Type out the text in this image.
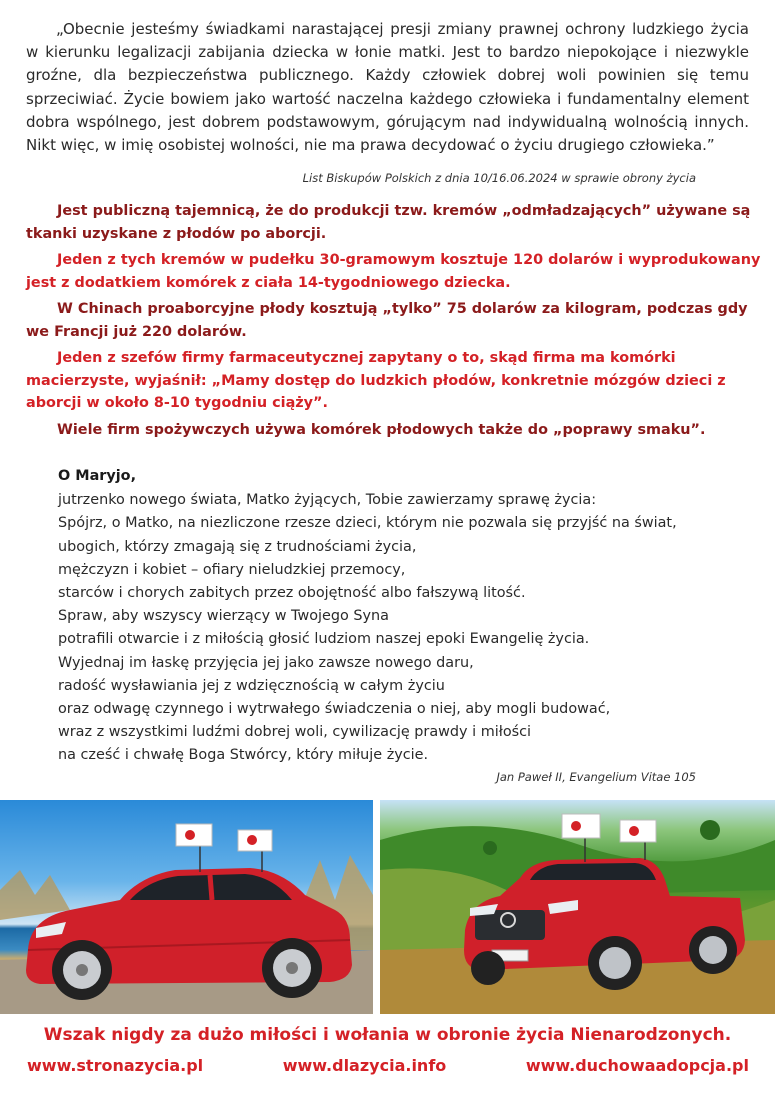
„Obecnie jesteśmy świadkami narastającej presji zmiany prawnej ochrony ludzkiego życia w kierunku legalizacji zabijania dziecka w łonie matki. Jest to bardzo niepokojące i niezwykle groźne, dla bezpieczeństwa publicznego. Każdy człowiek dobrej woli powinien się temu sprzeciwiać. Życie bowiem jako wartość naczelna każdego człowieka i fundamentalny element dobra wspólnego, jest dobrem podstawowym, górującym nad indywidualną wolnością innych. Nikt więc, w imię osobistej wolności, nie ma prawa decydować o życiu drugiego człowieka.”

List Biskupów Polskich z dnia 10/16.06.2024 w sprawie obrony życia

Jest publiczną tajemnicą, że do produkcji tzw. kremów „odmładzających” używane są tkanki uzyskane z płodów po aborcji.

Jeden z tych kremów w pudełku 30-gramowym kosztuje 120 dolarów i wyprodukowany jest z dodatkiem komórek z ciała 14-tygodniowego dziecka.

W Chinach proaborcyjne płody kosztują „tylko” 75 dolarów za kilogram, podczas gdy we Francji już 220 dolarów.

Jeden z szefów firmy farmaceutycznej zapytany o to, skąd firma ma komórki macierzyste, wyjaśnił: „Mamy dostęp do ludzkich płodów, konkretnie mózgów dzieci z aborcji w około 8-10 tygodniu ciąży”.

Wiele firm spożywczych używa komórek płodowych także do „poprawy smaku”.

O Maryjo,
jutrzenko nowego świata, Matko żyjących, Tobie zawierzamy sprawę życia:
Spójrz, o Matko, na niezliczone rzesze dzieci, którym nie pozwala się przyjść na świat,
ubogich, którzy zmagają się z trudnościami życia,
mężczyzn i kobiet – ofiary nieludzkiej przemocy,
starców i chorych zabitych przez obojętność albo fałszywą litość.
Spraw, aby wszyscy wierzący w Twojego Syna
potrafili otwarcie i z miłością głosić ludziom naszej epoki Ewangelię życia.
Wyjednaj im łaskę przyjęcia jej jako zawsze nowego daru,
radość wysławiania jej z wdzięcznością w całym życiu
oraz odwagę czynnego i wytrwałego świadczenia o niej, aby mogli budować,
wraz z wszystkimi ludźmi dobrej woli, cywilizację prawdy i miłości
na cześć i chwałę Boga Stwórcy, który miłuje życie.
Jan Paweł II, Evangelium Vitae 105
Wszak nigdy za dużo miłości i wołania w obronie życia Nienarodzonych.
www.stronazycia.pl	www.dlazycia.info	www.duchowaadopcja.pl
